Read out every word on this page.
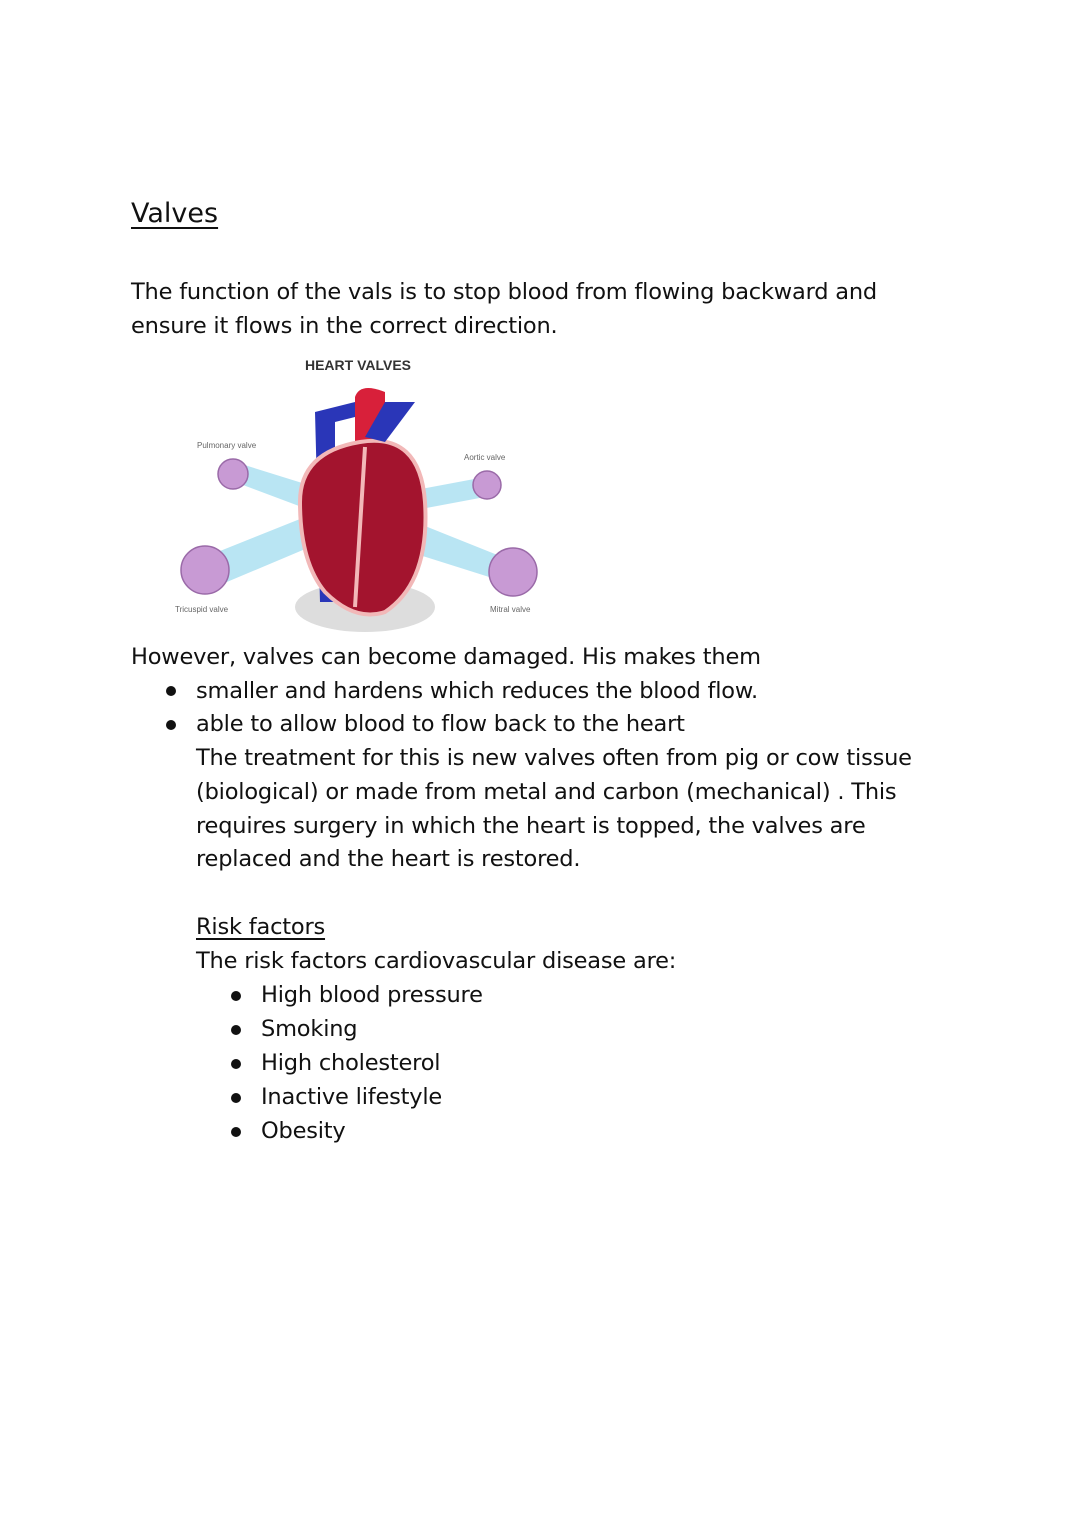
Valves
The function of the vals is to stop blood from flowing backward and
ensure it flows in the correct direction.
HEART VALVES
Pulmonary valve
Aortic valve
Tricuspid valve	Mitral valve
However, valves can become damaged. His makes them
smaller and hardens which reduces the blood flow.
able to allow blood to flow back to the heart
The treatment for this is new valves often from pig or cow tissue
(biological) or made from metal and carbon (mechanical) . This
requires surgery in which the heart is topped, the valves are
replaced and the heart is restored.
Risk factors
The risk factors cardiovascular disease are:
High blood pressure
Smoking
High cholesterol
Inactive lifestyle
Obesity
